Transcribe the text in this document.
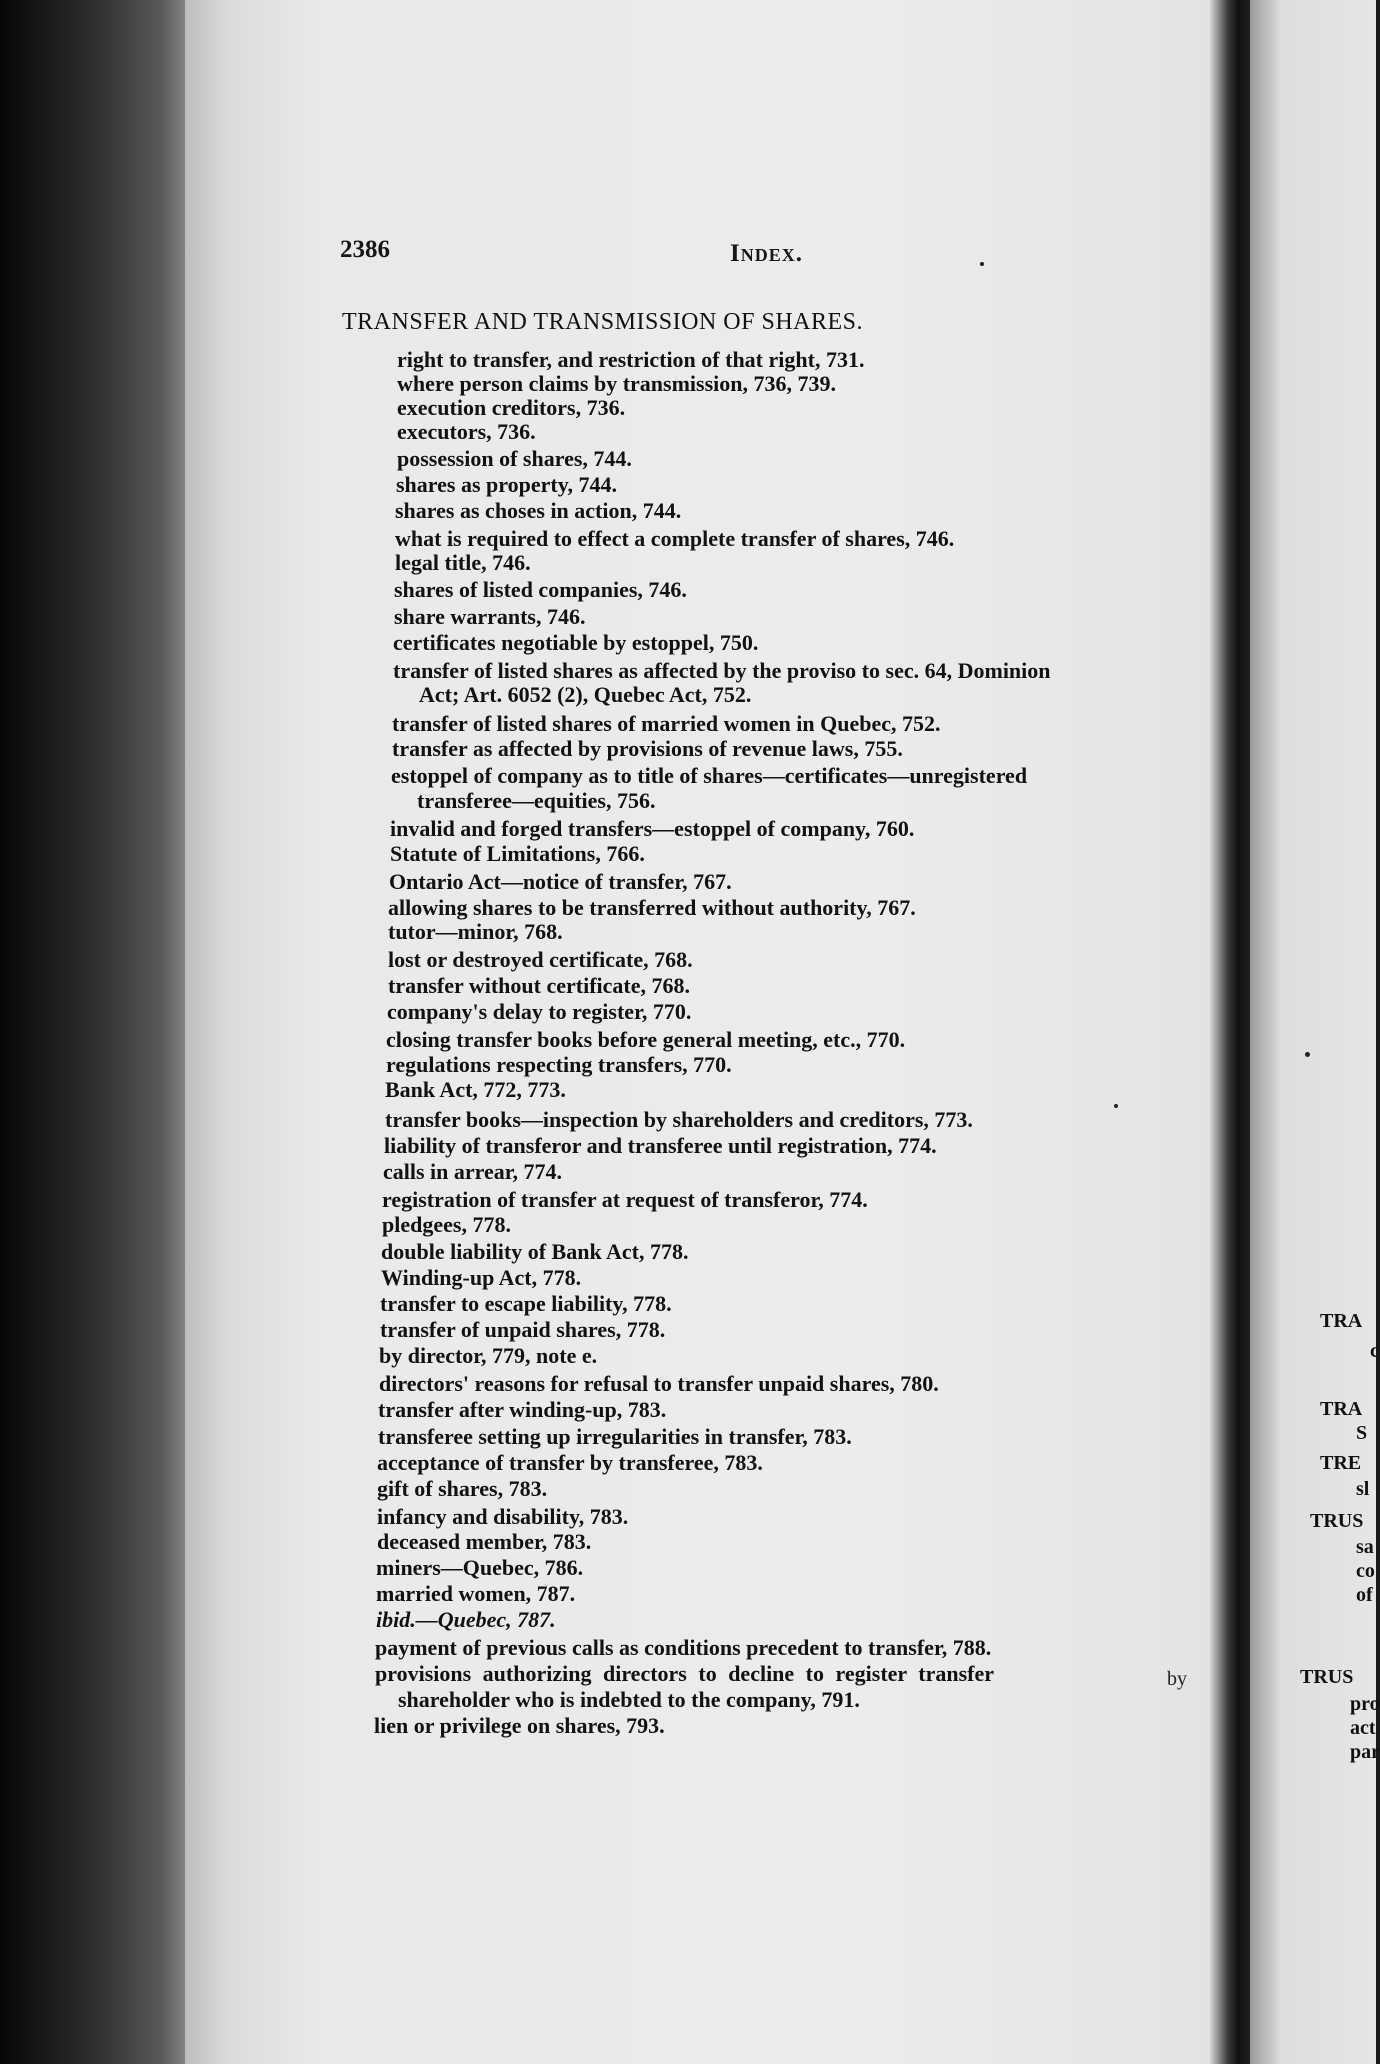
TRA
c
TRA
S
TRE
sl
TRUS
sa
co
of
TRUS
pro
act
par
2386	Index.
TRANSFER AND TRANSMISSION OF SHARES.
right to transfer, and restriction of that right, 731.
where person claims by transmission, 736, 739.
execution creditors, 736.
executors, 736.
possession of shares, 744.
shares as property, 744.
shares as choses in action, 744.
what is required to effect a complete transfer of shares, 746.
legal title, 746.
shares of listed companies, 746.
share warrants, 746.
certificates negotiable by estoppel, 750.
transfer of listed shares as affected by the proviso to sec. 64, Dominion
Act; Art. 6052 (2), Quebec Act, 752.
transfer of listed shares of married women in Quebec, 752.
transfer as affected by provisions of revenue laws, 755.
estoppel of company as to title of shares—certificates—unregistered
transferee—equities, 756.
invalid and forged transfers—estoppel of company, 760.
Statute of Limitations, 766.
Ontario Act—notice of transfer, 767.
allowing shares to be transferred without authority, 767.
tutor—minor, 768.
lost or destroyed certificate, 768.
transfer without certificate, 768.
company's delay to register, 770.
closing transfer books before general meeting, etc., 770.
regulations respecting transfers, 770.
Bank Act, 772, 773.
transfer books—inspection by shareholders and creditors, 773.
liability of transferor and transferee until registration, 774.
calls in arrear, 774.
registration of transfer at request of transferor, 774.
pledgees, 778.
double liability of Bank Act, 778.
Winding-up Act, 778.
transfer to escape liability, 778.
transfer of unpaid shares, 778.
by director, 779, note e.
directors' reasons for refusal to transfer unpaid shares, 780.
transfer after winding-up, 783.
transferee setting up irregularities in transfer, 783.
acceptance of transfer by transferee, 783.
gift of shares, 783.
infancy and disability, 783.
deceased member, 783.
miners—Quebec, 786.
married women, 787.
ibid.—Quebec, 787.
payment of previous calls as conditions precedent to transfer, 788.
provisions authorizing directors to decline to register transfer
shareholder who is indebted to the company, 791.
lien or privilege on shares, 793.
by
